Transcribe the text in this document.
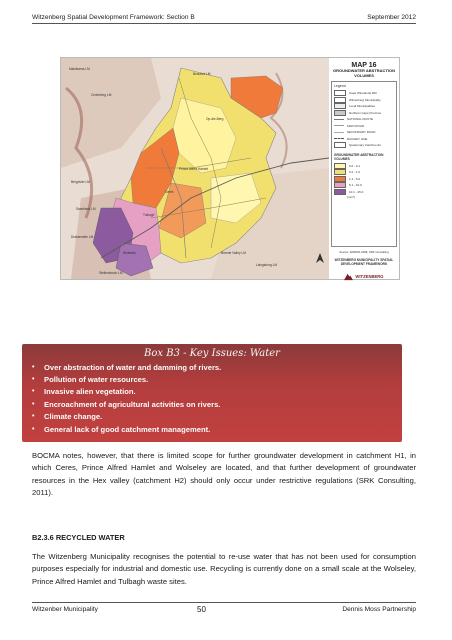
Witzenberg Spatial Development Framework: Section B	September 2012
Beaufort LM
Cederberg LM
Matzikama LM
Breede Valley LM
Stellenbosch LM
Drakenstein LM
Bergrivier LM
Swartland LM
Laingsburg LM
Ceres
Tulbagh
Wolseley
Op-die-Berg
Prince Alfred Hamlet
MAP 16
GROUNDWATER ABSTRACTION VOLUMES
Legend
Cape Winelands DM
Witzenberg Municipality
Local Municipalities
Northern Cape Province
NATIONAL ROUTE
MAIN ROAD
SECONDARY ROAD
RAILWAY LINE
Quaternary Catchments
GROUNDWATER ABSTRACTION VOLUMES
0.0 - 0.1
0.2 - 1.0
1.1 - 5.0
5.1 - 10.0
10.1 - 25.0
(mm³)
Source: WARMS 2008, SRK Consulting
WITZENBERG MUNICIPALITY SPATIAL DEVELOPMENT FRAMEWORK
WITZENBERG
Box B3 - Key Issues: Water
•	Over abstraction of water and damming of rivers.
•	Pollution of water resources.
•	Invasive alien vegetation.
•	Encroachment of agricultural activities on rivers.
•	Climate change.
•	General lack of good catchment management.

BOCMA notes, however, that there is limited scope for further groundwater development in catchment H1, in which Ceres, Prince Alfred Hamlet and Wolseley are located, and that further development of groundwater resources in the Hex valley (catchment H2) should only occur under restrictive regulations (SRK Consulting, 2011).

B2.3.6 RECYCLED WATER

The Witzenberg Municipality recognises the potential to re-use water that has not been used for consumption purposes especially for industrial and domestic use. Recycling is currently done on a small scale at the Wolseley, Prince Alfred Hamlet and Tulbagh waste sites.

Witzenber Municipality	50	Dennis Moss Partnership
